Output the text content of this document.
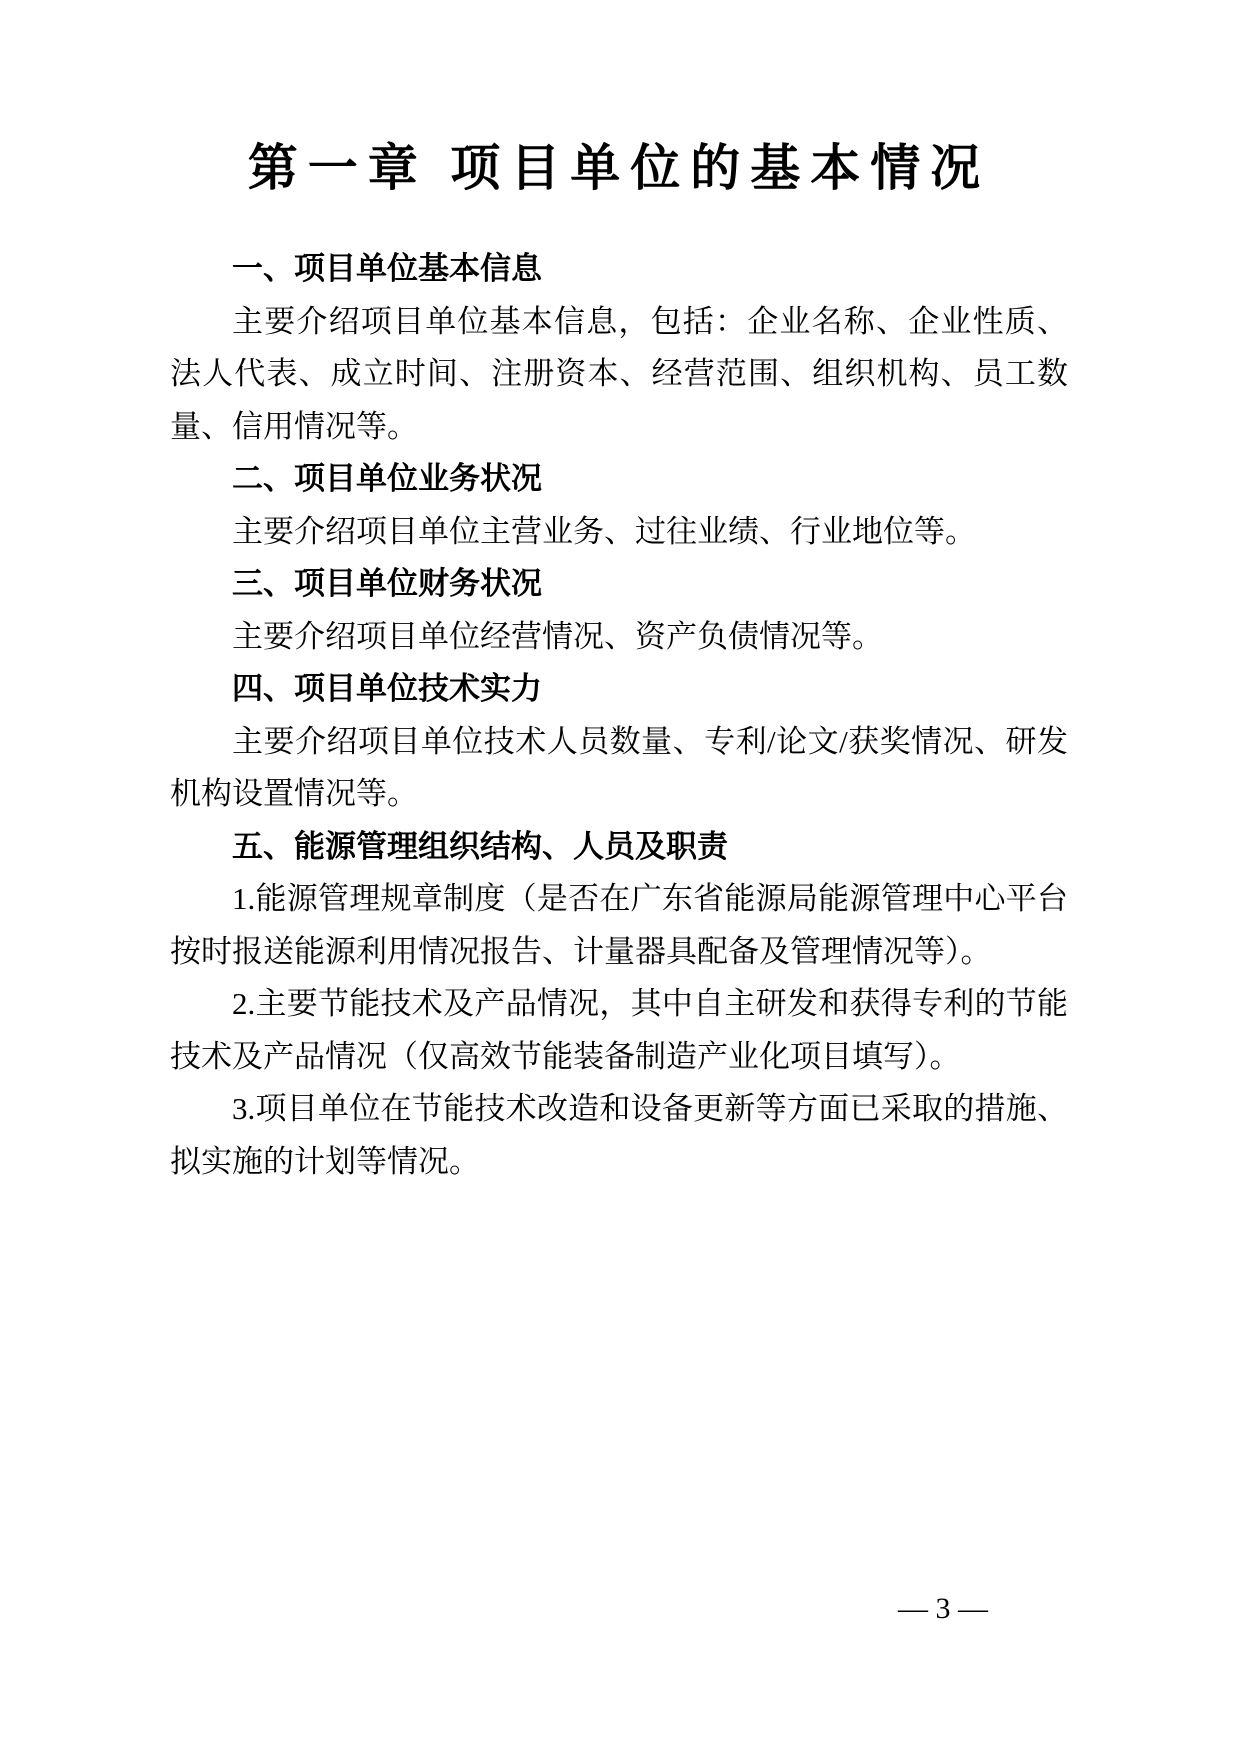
第一章 项目单位的基本情况
一、项目单位基本信息

主要介绍项目单位基本信息，包括：企业名称、企业性质、法人代表、成立时间、注册资本、经营范围、组织机构、员工数量、信用情况等。

二、项目单位业务状况

主要介绍项目单位主营业务、过往业绩、行业地位等。

三、项目单位财务状况

主要介绍项目单位经营情况、资产负债情况等。

四、项目单位技术实力

主要介绍项目单位技术人员数量、专利/论文/获奖情况、研发机构设置情况等。

五、能源管理组织结构、人员及职责

1.能源管理规章制度（是否在广东省能源局能源管理中心平台按时报送能源利用情况报告、计量器具配备及管理情况等）。

2.主要节能技术及产品情况，其中自主研发和获得专利的节能技术及产品情况（仅高效节能装备制造产业化项目填写）。

3.项目单位在节能技术改造和设备更新等方面已采取的措施、拟实施的计划等情况。

— 3 —
